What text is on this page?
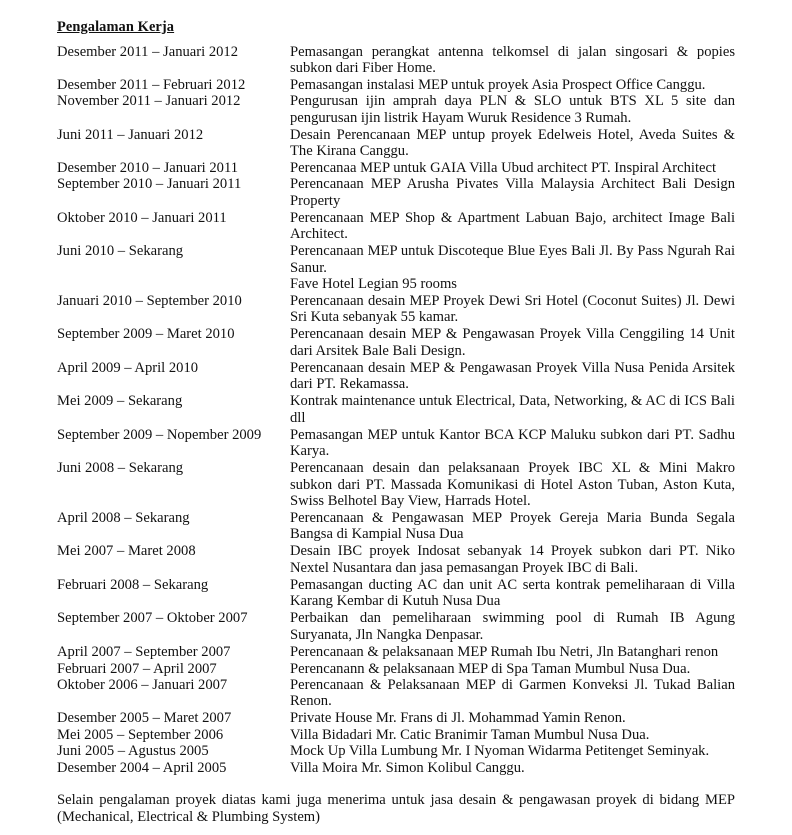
Pengalaman Kerja
Desember 2011 – Januari 2012	Pemasangan perangkat antenna telkomsel di jalan singosari & popies subkon dari Fiber Home.
Desember 2011 – Februari 2012	Pemasangan instalasi MEP untuk proyek Asia Prospect Office Canggu.
November 2011 – Januari 2012	Pengurusan ijin amprah daya PLN & SLO untuk BTS XL 5 site dan pengurusan ijin listrik Hayam Wuruk Residence 3 Rumah.
Juni 2011 – Januari 2012	Desain Perencanaan MEP untup proyek Edelweis Hotel, Aveda Suites & The Kirana Canggu.
Desember 2010 – Januari 2011	Perencanaa MEP untuk GAIA Villa Ubud architect PT. Inspiral Architect
September 2010 – Januari 2011	Perencanaan MEP Arusha Pivates Villa Malaysia Architect Bali Design Property
Oktober 2010 – Januari 2011	Perencanaan MEP Shop & Apartment Labuan Bajo, architect Image Bali Architect.
Juni 2010 – Sekarang	Perencanaan MEP untuk Discoteque Blue Eyes Bali Jl. By Pass Ngurah Rai Sanur.
Fave Hotel Legian 95 rooms
Januari 2010 – September 2010	Perencanaan desain MEP Proyek Dewi Sri Hotel (Coconut Suites) Jl. Dewi Sri Kuta sebanyak 55 kamar.
September 2009 – Maret 2010	Perencanaan desain MEP & Pengawasan Proyek Villa Cenggiling 14 Unit dari Arsitek Bale Bali Design.
April 2009 – April 2010	Perencanaan desain MEP & Pengawasan Proyek Villa Nusa Penida Arsitek dari PT. Rekamassa.
Mei 2009 – Sekarang	Kontrak maintenance untuk Electrical, Data, Networking, & AC di ICS Bali dll
September 2009 – Nopember 2009	Pemasangan MEP untuk Kantor BCA KCP Maluku subkon dari PT. Sadhu Karya.
Juni 2008 – Sekarang	Perencanaan desain dan pelaksanaan Proyek IBC XL & Mini Makro subkon dari PT. Massada Komunikasi di Hotel Aston Tuban, Aston Kuta, Swiss Belhotel Bay View, Harrads Hotel.
April 2008 – Sekarang	Perencanaan & Pengawasan MEP Proyek Gereja Maria Bunda Segala Bangsa di Kampial Nusa Dua
Mei 2007 – Maret 2008	Desain IBC proyek Indosat sebanyak 14 Proyek subkon dari PT. Niko Nextel Nusantara dan jasa pemasangan Proyek IBC di Bali.
Februari 2008 – Sekarang	Pemasangan ducting AC dan unit AC serta kontrak pemeliharaan di Villa Karang Kembar di Kutuh Nusa Dua
September 2007 – Oktober 2007	Perbaikan dan pemeliharaan swimming pool di Rumah IB Agung Suryanata, Jln Nangka Denpasar.
April 2007 – September 2007	Perencanaan & pelaksanaan MEP Rumah Ibu Netri, Jln Batanghari renon
Februari 2007 – April 2007	Perencanann & pelaksanaan MEP di Spa Taman Mumbul Nusa Dua.
Oktober 2006 – Januari 2007	Perencanaan & Pelaksanaan MEP di Garmen Konveksi Jl. Tukad Balian Renon.
Desember 2005 – Maret 2007	Private House Mr. Frans di Jl. Mohammad Yamin Renon.
Mei 2005 – September 2006	Villa Bidadari Mr. Catic Branimir Taman Mumbul Nusa Dua.
Juni 2005 – Agustus 2005	Mock Up Villa Lumbung Mr. I Nyoman Widarma Petitenget Seminyak.
Desember 2004 – April 2005	Villa Moira Mr. Simon Kolibul Canggu.
Selain pengalaman proyek diatas kami juga menerima untuk jasa desain & pengawasan proyek di bidang MEP (Mechanical, Electrical & Plumbing System)
